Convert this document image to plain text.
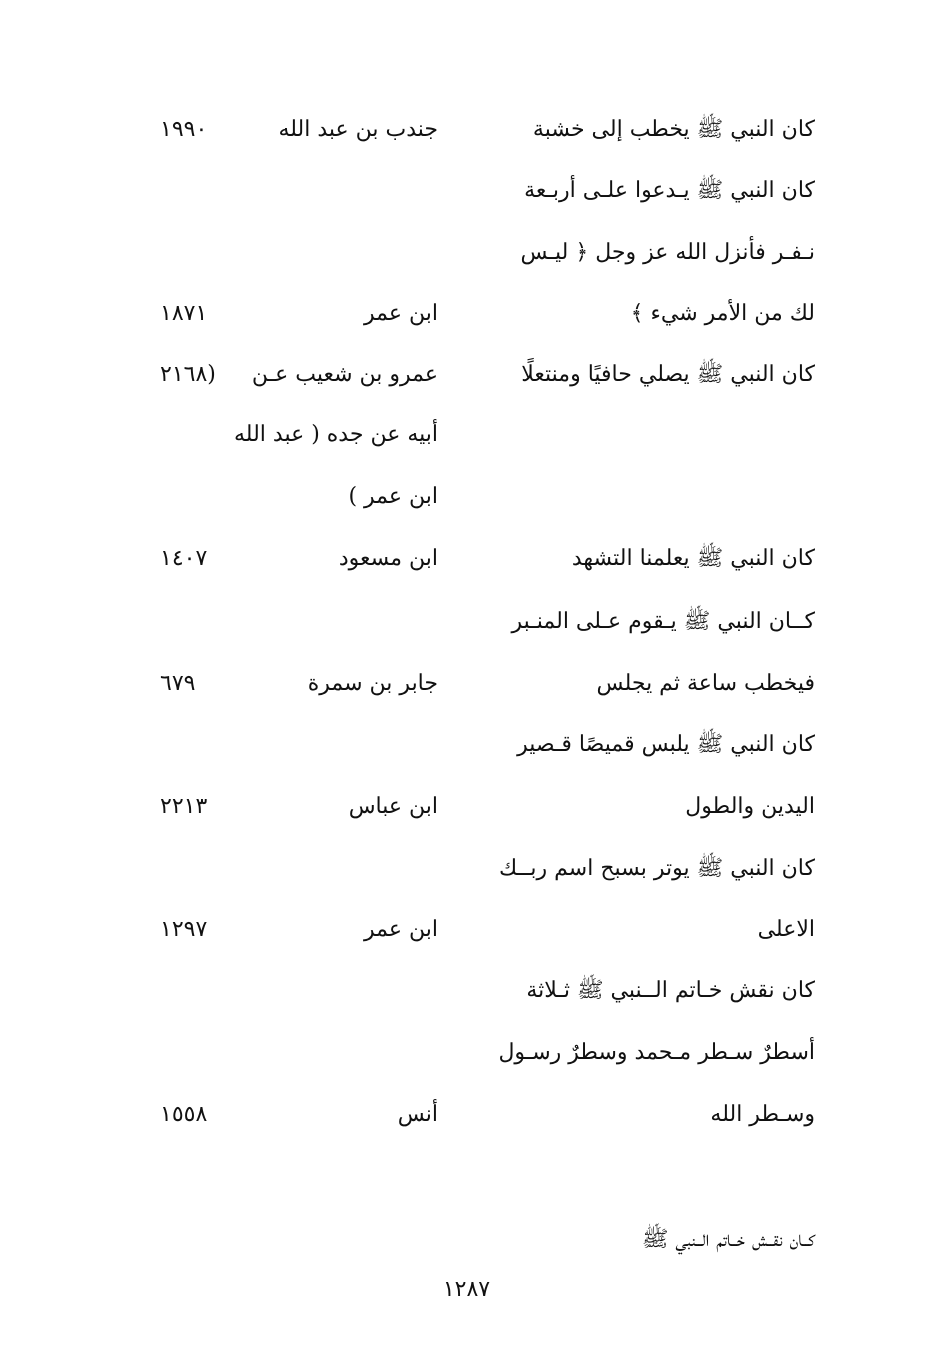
كان النبي ﷺ يخطب إلى خشبة
جندب بن عبد الله
١٩٩٠
كان النبي ﷺ يـدعوا علـى أربـعة
نـفـر فأنزل الله عز وجل ﴿ ليـس
لك من الأمر شيء ﴾
ابن عمر
١٨٧١
كان النبي ﷺ يصلي حافيًا ومنتعلًا
عمرو بن شعيب عـن
(٢١٦٨
أبيه عن جده ( عبد الله
ابن عمر )
كان النبي ﷺ يعلمنا التشهد
ابن مسعود
١٤٠٧
كــان النبي ﷺ يـقوم عـلى المنـبر
فيخطب ساعة ثم يجلس
جابر بن سمرة
٦٧٩
كان النبي ﷺ يلبس قميصًا قـصير
اليدين والطول
ابن عباس
٢٢١٣
كان النبي ﷺ يوتر بسبح اسم ربــك
الاعلى
ابن عمر
١٢٩٧
كان نقش خـاتم الــنبي ﷺ ثـلاثة
أسطرٌ سـطر مـحمد وسطرٌ رسـول
وسـطر الله
أنس
١٥٥٨
كــان نقــش خــاتم الــنبي ﷺ
١٢٨٧
